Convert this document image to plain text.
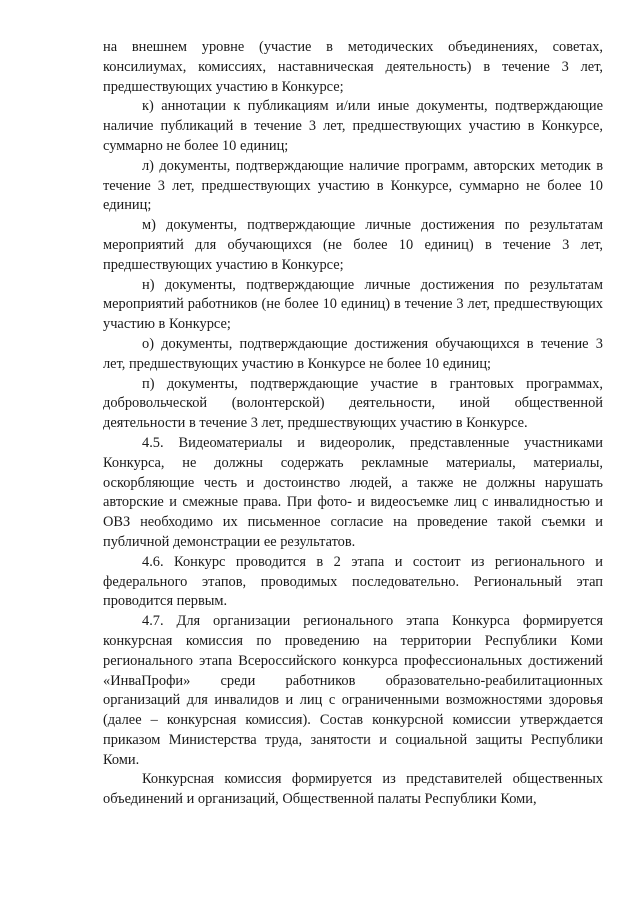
на внешнем уровне (участие в методических объединениях, советах, консилиумах, комиссиях, наставническая деятельность) в течение 3 лет, предшествующих участию в Конкурсе;

к) аннотации к публикациям и/или иные документы, подтверждающие наличие публикаций в течение 3 лет, предшествующих участию в Конкурсе, суммарно не более 10 единиц;

л) документы, подтверждающие наличие программ, авторских методик в течение 3 лет, предшествующих участию в Конкурсе, суммарно не более 10 единиц;

м) документы, подтверждающие личные достижения по результатам мероприятий для обучающихся (не более 10 единиц) в течение 3 лет, предшествующих участию в Конкурсе;

н) документы, подтверждающие личные достижения по результатам мероприятий работников (не более 10 единиц) в течение 3 лет, предшествующих участию в Конкурсе;

о) документы, подтверждающие достижения обучающихся в течение 3 лет, предшествующих участию в Конкурсе не более 10 единиц;

п) документы, подтверждающие участие в грантовых программах, добровольческой (волонтерской) деятельности, иной общественной деятельности в течение 3 лет, предшествующих участию в Конкурсе.

4.5. Видеоматериалы и видеоролик, представленные участниками Конкурса, не должны содержать рекламные материалы, материалы, оскорбляющие честь и достоинство людей, а также не должны нарушать авторские и смежные права. При фото- и видеосъемке лиц с инвалидностью и ОВЗ необходимо их письменное согласие на проведение такой съемки и публичной демонстрации ее результатов.

4.6. Конкурс проводится в 2 этапа и состоит из регионального и федерального этапов, проводимых последовательно. Региональный этап проводится первым.

4.7. Для организации регионального этапа Конкурса формируется конкурсная комиссия по проведению на территории Республики Коми регионального этапа Всероссийского конкурса профессиональных достижений «ИнваПрофи» среди работников образовательно-реабилитационных организаций для инвалидов и лиц с ограниченными возможностями здоровья (далее – конкурсная комиссия). Состав конкурсной комиссии утверждается приказом Министерства труда, занятости и социальной защиты Республики Коми.

Конкурсная комиссия формируется из представителей общественных объединений и организаций, Общественной палаты Республики Коми,
